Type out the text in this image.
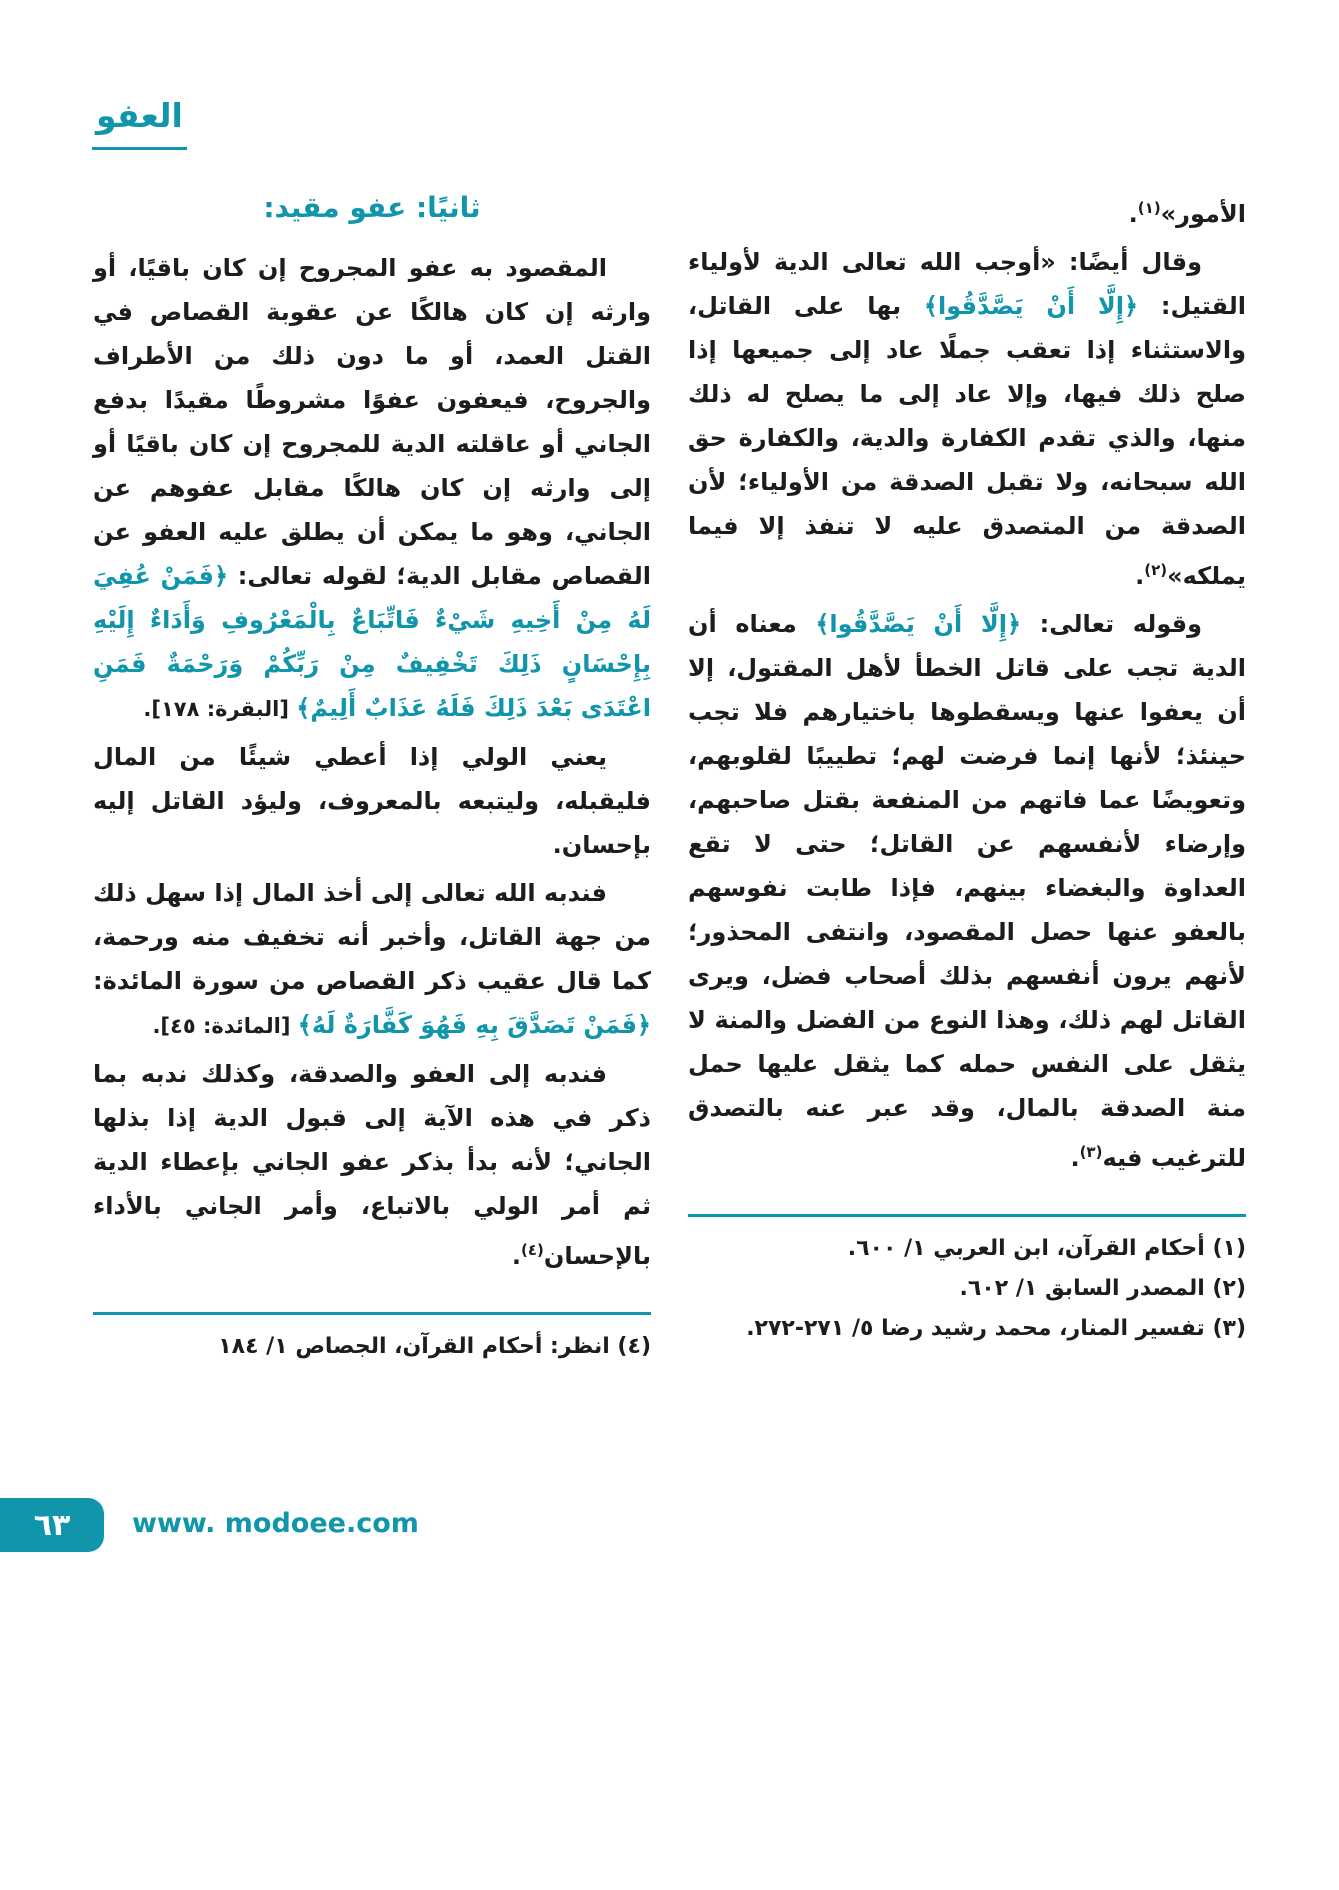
العفو

الأمور»$^{(١)}$.

وقال أيضًا: «أوجب الله تعالى الدية لأولياء القتيل: ﴿إِلَّا أَنْ يَصَّدَّقُوا﴾ بها على القاتل، والاستثناء إذا تعقب جملًا عاد إلى جميعها إذا صلح ذلك فيها، وإلا عاد إلى ما يصلح له ذلك منها، والذي تقدم الكفارة والدية، والكفارة حق الله سبحانه، ولا تقبل الصدقة من الأولياء؛ لأن الصدقة من المتصدق عليه لا تنفذ إلا فيما يملكه»$^{(٢)}$.

وقوله تعالى: ﴿إِلَّا أَنْ يَصَّدَّقُوا﴾ معناه أن الدية تجب على قاتل الخطأ لأهل المقتول، إلا أن يعفوا عنها ويسقطوها باختيارهم فلا تجب حينئذ؛ لأنها إنما فرضت لهم؛ تطييبًا لقلوبهم، وتعويضًا عما فاتهم من المنفعة بقتل صاحبهم، وإرضاء لأنفسهم عن القاتل؛ حتى لا تقع العداوة والبغضاء بينهم، فإذا طابت نفوسهم بالعفو عنها حصل المقصود، وانتفى المحذور؛ لأنهم يرون أنفسهم بذلك أصحاب فضل، ويرى القاتل لهم ذلك، وهذا النوع من الفضل والمنة لا يثقل على النفس حمله كما يثقل عليها حمل منة الصدقة بالمال، وقد عبر عنه بالتصدق للترغيب فيه$^{(٣)}$.

(١) أحكام القرآن، ابن العربي ١/ ٦٠٠.
(٢) المصدر السابق ١/ ٦٠٢.
(٣) تفسير المنار، محمد رشيد رضا ٥/ ٢٧١-٢٧٢.
ثانيًا: عفو مقيد:

المقصود به عفو المجروح إن كان باقيًا، أو وارثه إن كان هالكًا عن عقوبة القصاص في القتل العمد، أو ما دون ذلك من الأطراف والجروح، فيعفون عفوًا مشروطًا مقيدًا بدفع الجاني أو عاقلته الدية للمجروح إن كان باقيًا أو إلى وارثه إن كان هالكًا مقابل عفوهم عن الجاني، وهو ما يمكن أن يطلق عليه العفو عن القصاص مقابل الدية؛ لقوله تعالى: ﴿فَمَنْ عُفِيَ لَهُ مِنْ أَخِيهِ شَيْءٌ فَاتِّبَاعٌ بِالْمَعْرُوفِ وَأَدَاءٌ إِلَيْهِ بِإِحْسَانٍ ذَلِكَ تَخْفِيفٌ مِنْ رَبِّكُمْ وَرَحْمَةٌ فَمَنِ اعْتَدَى بَعْدَ ذَلِكَ فَلَهُ عَذَابٌ أَلِيمٌ﴾ [البقرة: ١٧٨].

يعني الولي إذا أعطي شيئًا من المال فليقبله، وليتبعه بالمعروف، وليؤد القاتل إليه بإحسان.

فندبه الله تعالى إلى أخذ المال إذا سهل ذلك من جهة القاتل، وأخبر أنه تخفيف منه ورحمة، كما قال عقيب ذكر القصاص من سورة المائدة: ﴿فَمَنْ تَصَدَّقَ بِهِ فَهُوَ كَفَّارَةٌ لَهُ﴾ [المائدة: ٤٥].

فندبه إلى العفو والصدقة، وكذلك ندبه بما ذكر في هذه الآية إلى قبول الدية إذا بذلها الجاني؛ لأنه بدأ بذكر عفو الجاني بإعطاء الدية ثم أمر الولي بالاتباع، وأمر الجاني بالأداء بالإحسان$^{(٤)}$.

(٤) انظر: أحكام القرآن، الجصاص ١/ ١٨٤
٦٣ www. modoee.com
